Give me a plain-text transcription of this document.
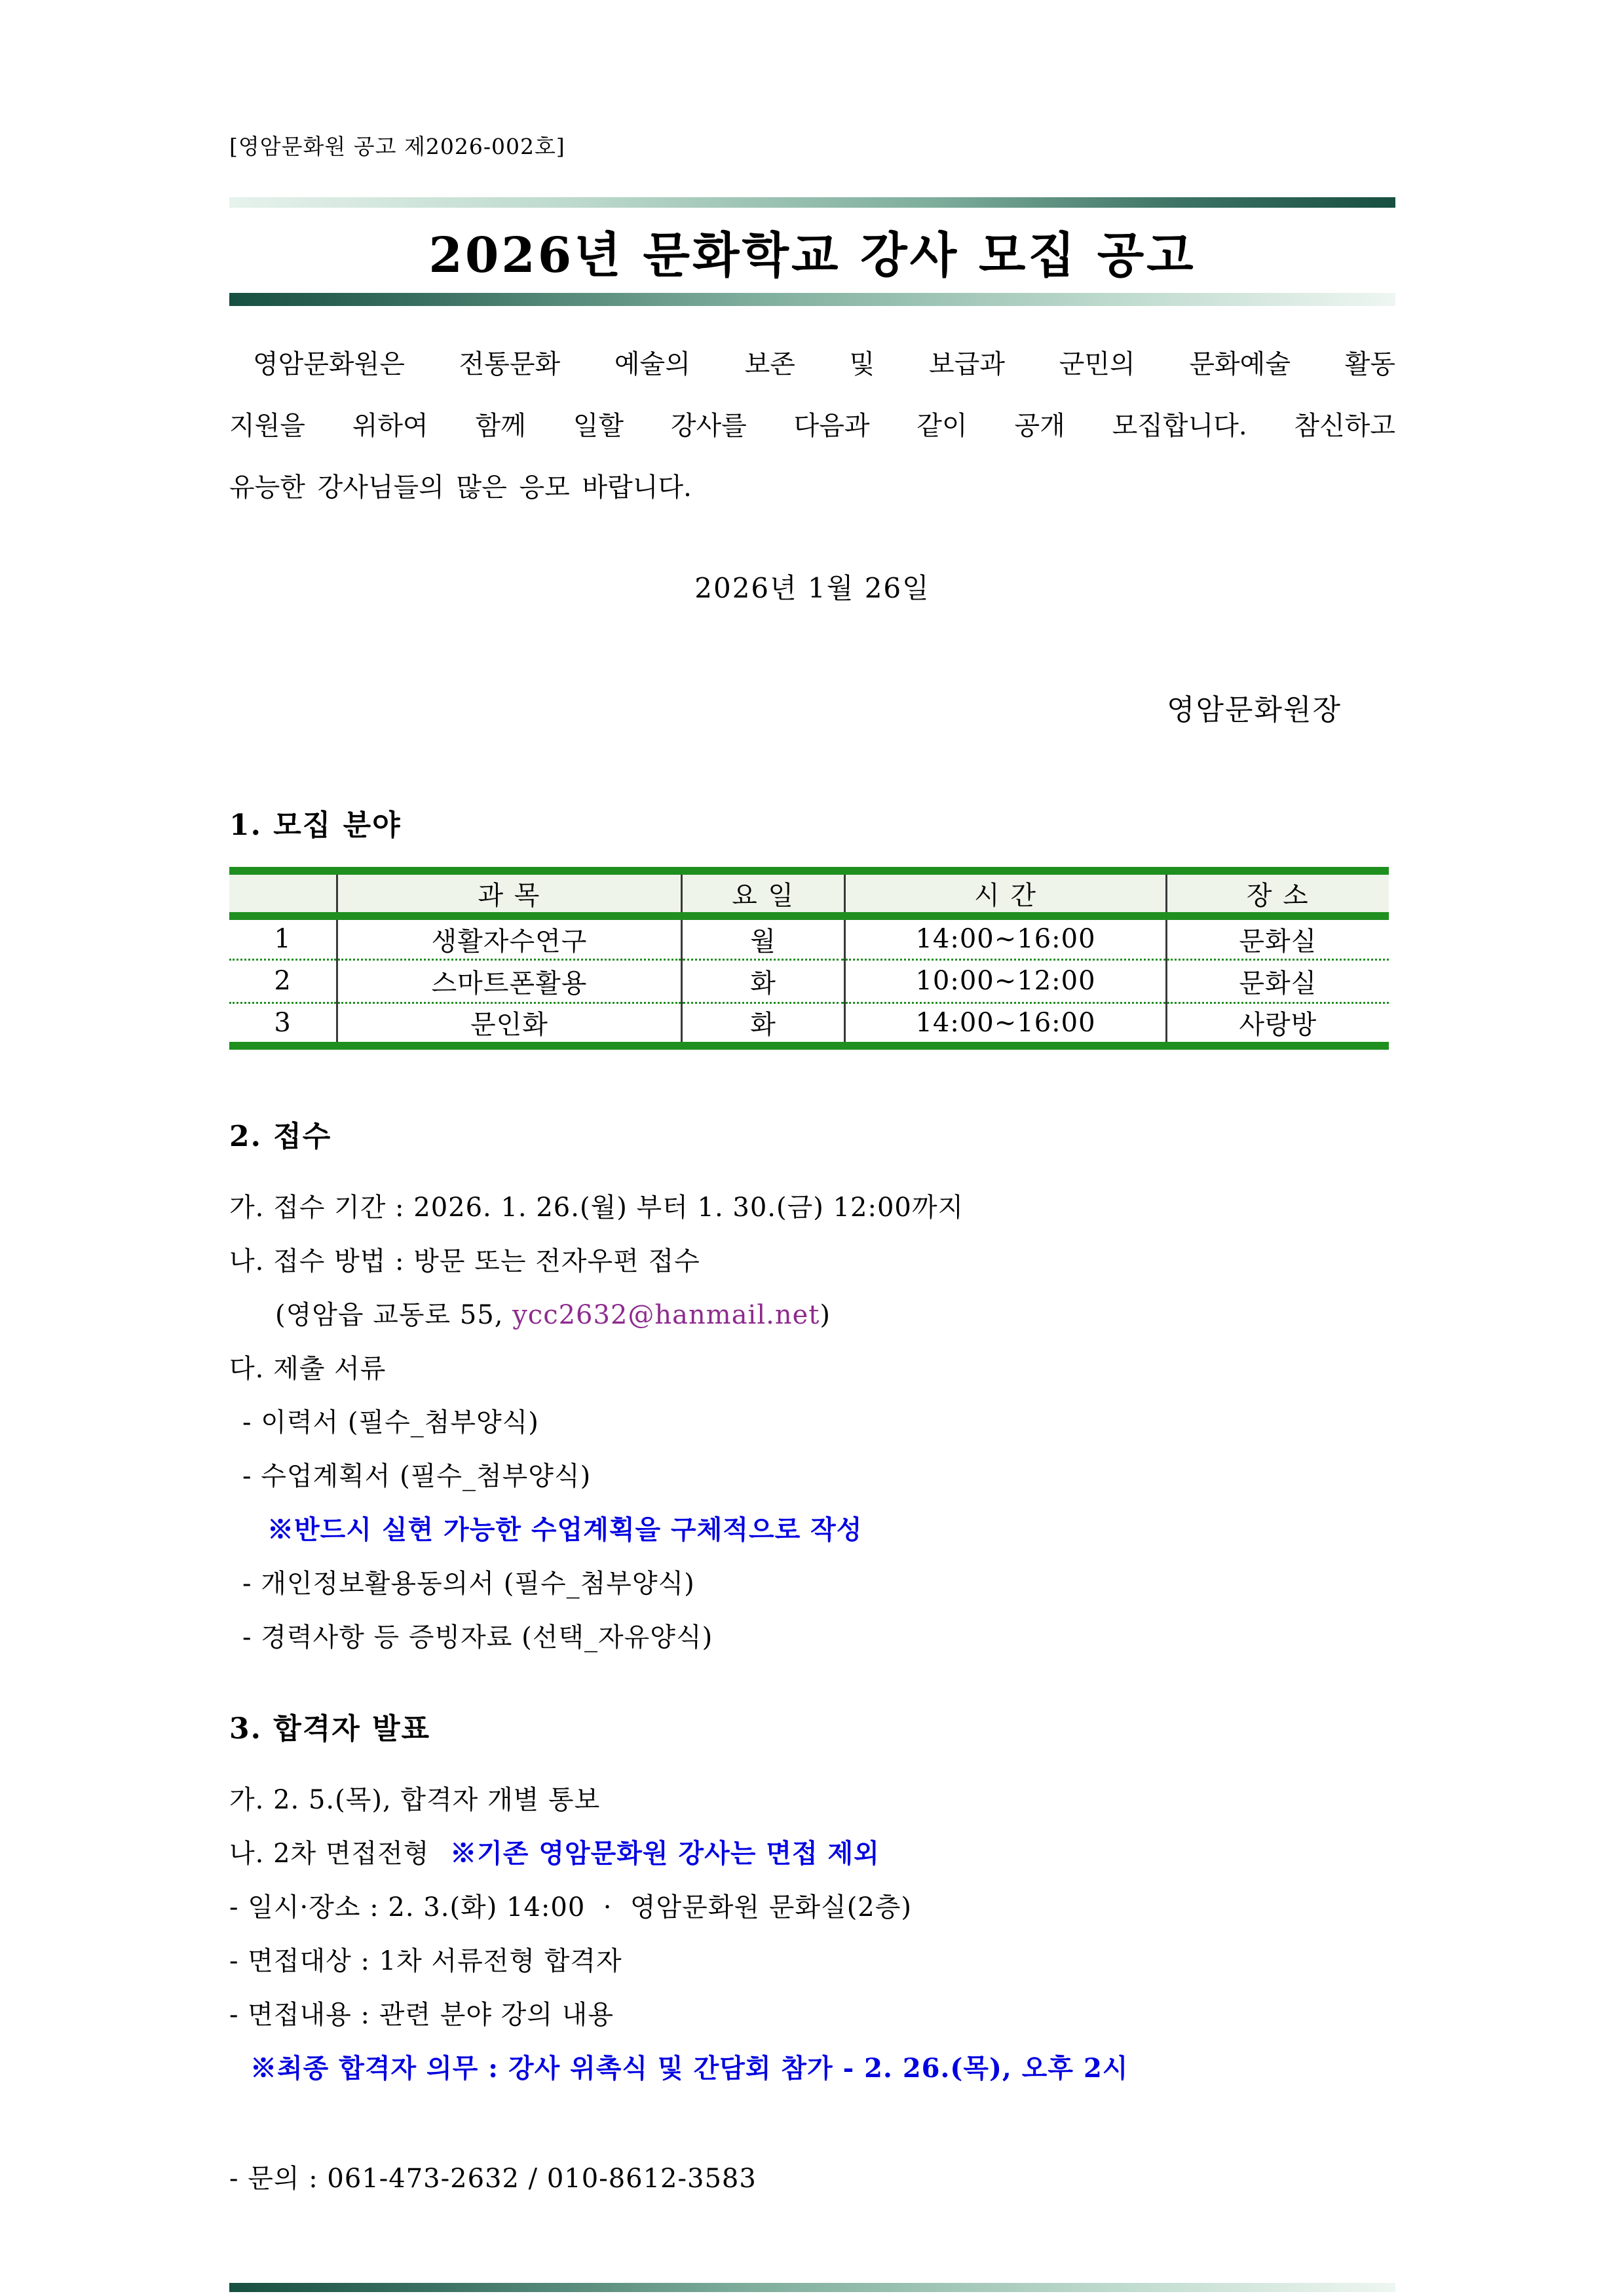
[영암문화원 공고 제2026-002호]
2026년 문화학교 강사 모집 공고
영암문화원은 전통문화 예술의 보존 및 보급과 군민의 문화예술 활동
지원을 위하여 함께 일할 강사를 다음과 같이 공개 모집합니다. 참신하고
유능한 강사님들의 많은 응모 바랍니다.
2026년 1월 26일
영암문화원장
1. 모집 분야
	과 목	요 일	시 간	장 소
1	생활자수연구	월	14:00~16:00	문화실
2	스마트폰활용	화	10:00~12:00	문화실
3	문인화	화	14:00~16:00	사랑방
2. 접수
가. 접수 기간 : 2026. 1. 26.(월) 부터 1. 30.(금) 12:00까지
나. 접수 방법 : 방문 또는 전자우편 접수
(영암읍 교동로 55, ycc2632@hanmail.net)
다. 제출 서류
- 이력서 (필수_첨부양식)
- 수업계획서 (필수_첨부양식)
※반드시 실현 가능한 수업계획을 구체적으로 작성
- 개인정보활용동의서 (필수_첨부양식)
- 경력사항 등 증빙자료 (선택_자유양식)
3. 합격자 발표
가. 2. 5.(목), 합격자 개별 통보
나. 2차 면접전형 ※기존 영암문화원 강사는 면접 제외
- 일시·장소 : 2. 3.(화) 14:00  ·  영암문화원 문화실(2층)
- 면접대상 : 1차 서류전형 합격자
- 면접내용 : 관련 분야 강의 내용
※최종 합격자 의무 : 강사 위촉식 및 간담회 참가 - 2. 26.(목), 오후 2시
- 문의 : 061-473-2632 / 010-8612-3583
